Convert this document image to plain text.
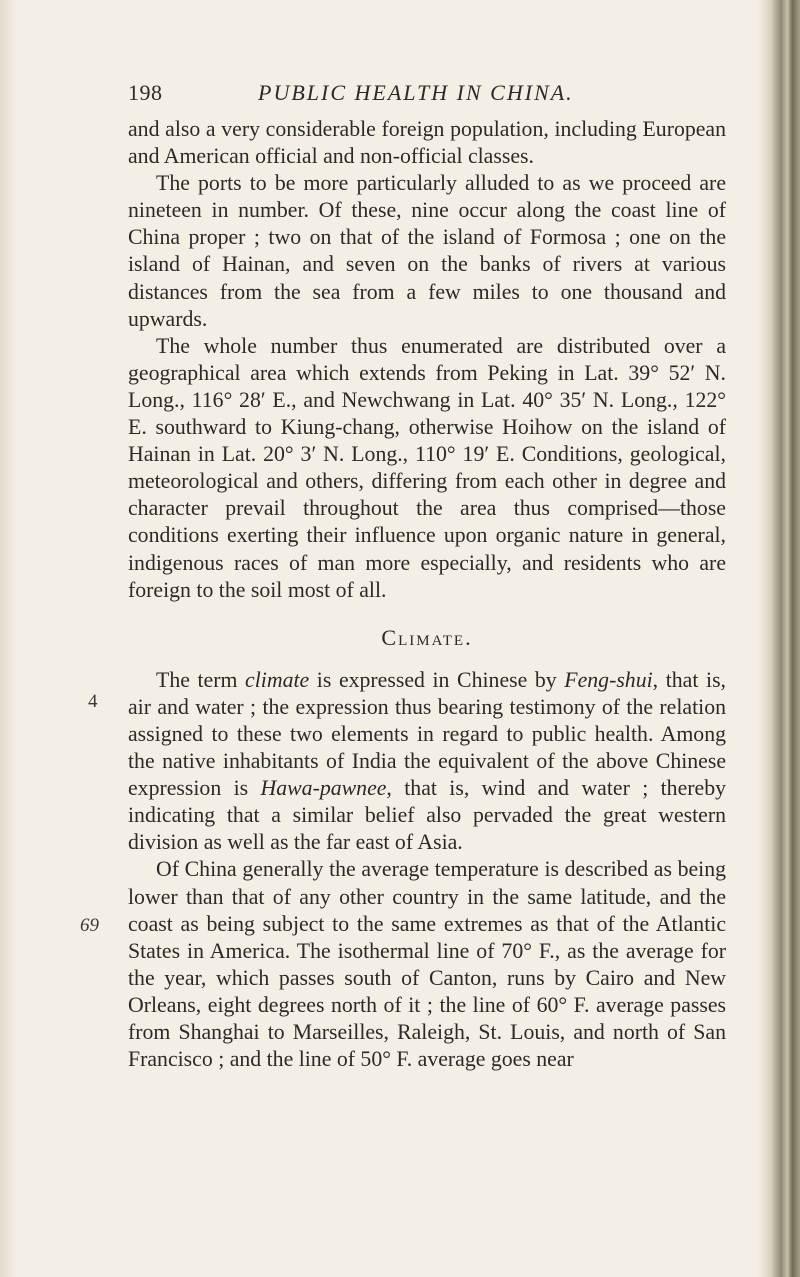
198	PUBLIC HEALTH IN CHINA.
4
69

and also a very considerable foreign population, including European and American official and non-official classes.

The ports to be more particularly alluded to as we proceed are nineteen in number. Of these, nine occur along the coast line of China proper ; two on that of the island of Formosa ; one on the island of Hainan, and seven on the banks of rivers at various distances from the sea from a few miles to one thousand and upwards.

The whole number thus enumerated are distributed over a geographical area which extends from Peking in Lat. 39° 52′ N. Long., 116° 28′ E., and Newchwang in Lat. 40° 35′ N. Long., 122° E. southward to Kiung-chang, otherwise Hoihow on the island of Hainan in Lat. 20° 3′ N. Long., 110° 19′ E. Conditions, geological, meteorological and others, differing from each other in degree and character prevail throughout the area thus comprised—those conditions exerting their influence upon organic nature in general, indigenous races of man more especially, and residents who are foreign to the soil most of all.

Climate.

The term climate is expressed in Chinese by Feng-shui, that is, air and water ; the expression thus bearing testimony of the relation assigned to these two elements in regard to public health. Among the native inhabitants of India the equivalent of the above Chinese expression is Hawa-pawnee, that is, wind and water ; thereby indicating that a similar belief also pervaded the great western division as well as the far east of Asia.

Of China generally the average temperature is described as being lower than that of any other country in the same latitude, and the coast as being subject to the same extremes as that of the Atlantic States in America. The isothermal line of 70° F., as the average for the year, which passes south of Canton, runs by Cairo and New Orleans, eight degrees north of it ; the line of 60° F. average passes from Shanghai to Marseilles, Raleigh, St. Louis, and north of San Francisco ; and the line of 50° F. average goes near
